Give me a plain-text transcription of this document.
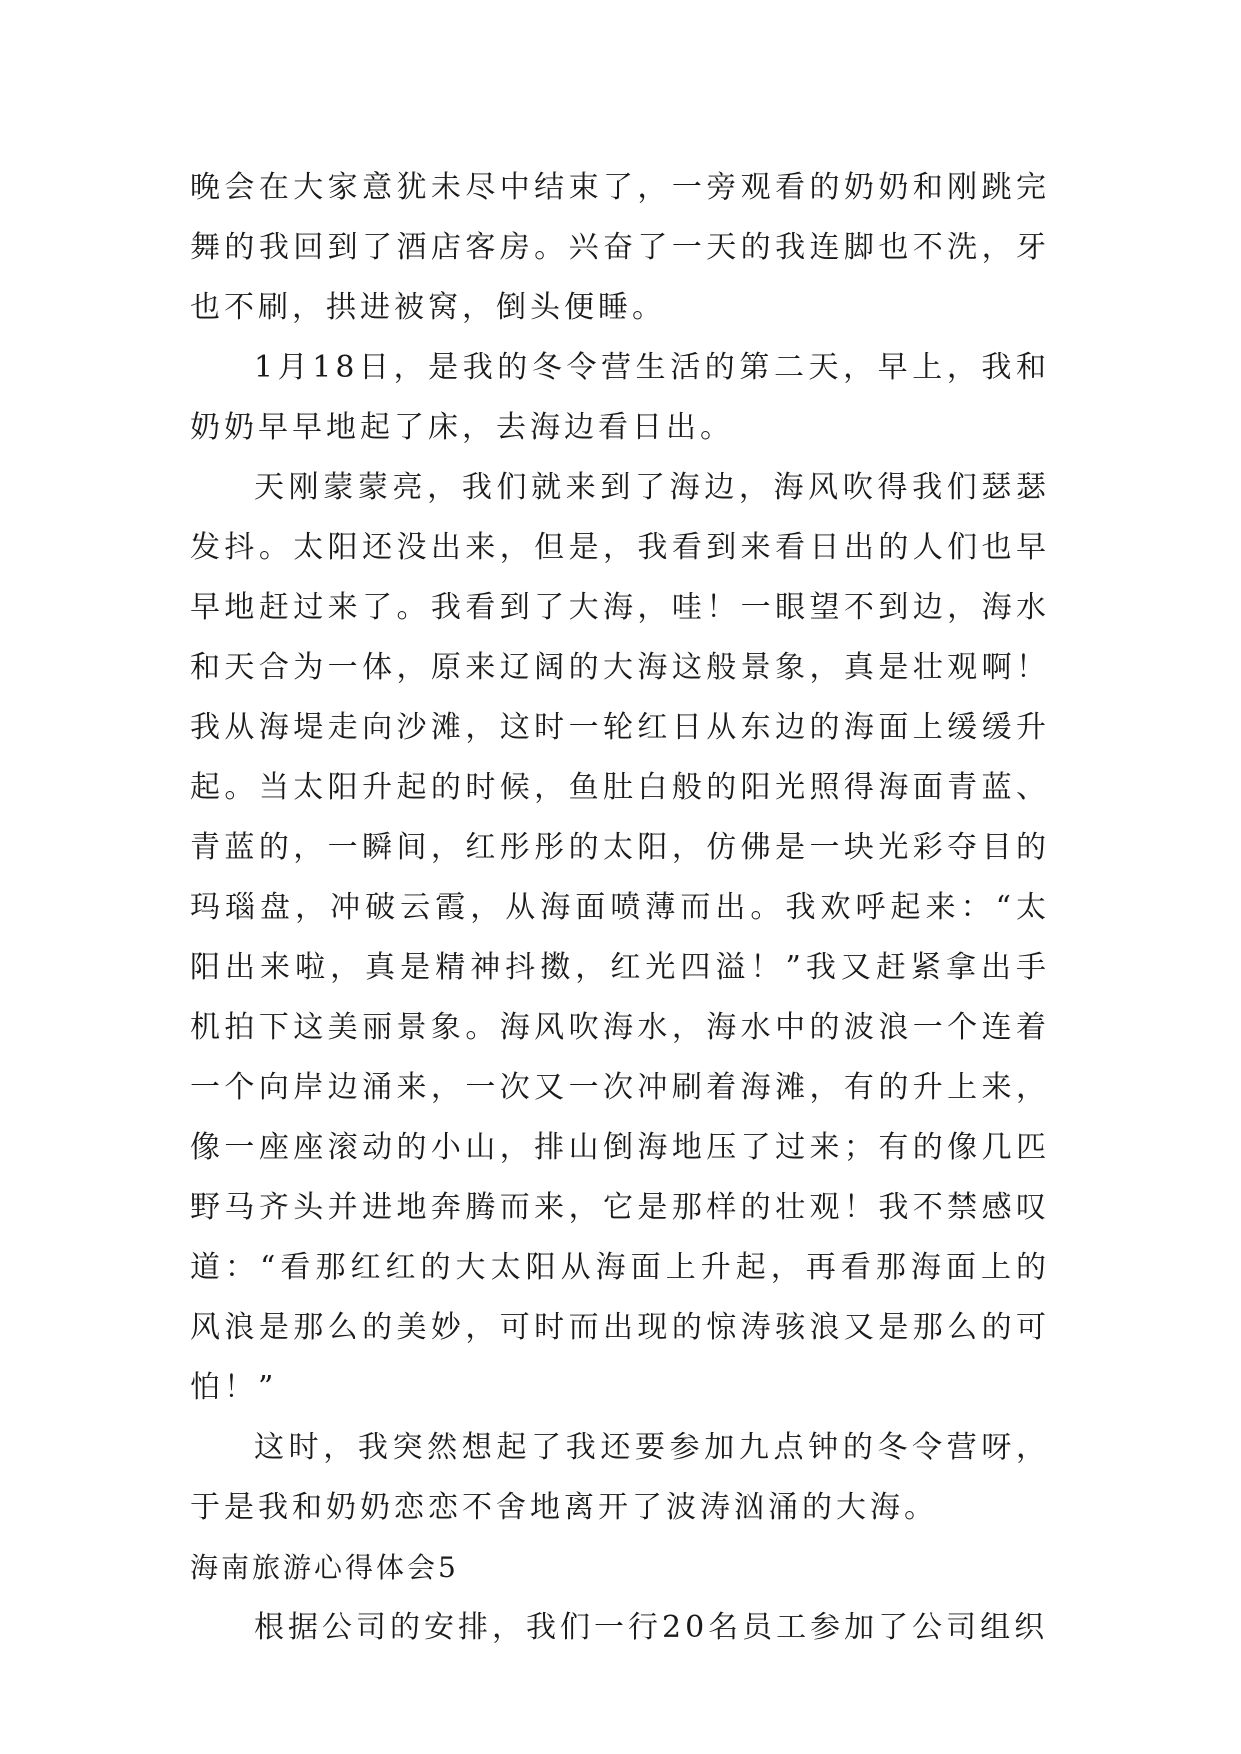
晚会在大家意犹未尽中结束了，一旁观看的奶奶和刚跳完舞的我回到了酒店客房。兴奋了一天的我连脚也不洗，牙也不刷，拱进被窝，倒头便睡。

1月18日，是我的冬令营生活的第二天，早上，我和奶奶早早地起了床，去海边看日出。

天刚蒙蒙亮，我们就来到了海边，海风吹得我们瑟瑟发抖。太阳还没出来，但是，我看到来看日出的人们也早早地赶过来了。我看到了大海，哇！一眼望不到边，海水和天合为一体，原来辽阔的大海这般景象，真是壮观啊！我从海堤走向沙滩，这时一轮红日从东边的海面上缓缓升起。当太阳升起的时候，鱼肚白般的阳光照得海面青蓝、青蓝的，一瞬间，红彤彤的太阳，仿佛是一块光彩夺目的玛瑙盘，冲破云霞，从海面喷薄而出。我欢呼起来：“太阳出来啦，真是精神抖擞，红光四溢！”我又赶紧拿出手机拍下这美丽景象。海风吹海水，海水中的波浪一个连着一个向岸边涌来，一次又一次冲刷着海滩，有的升上来，像一座座滚动的小山，排山倒海地压了过来；有的像几匹野马齐头并进地奔腾而来，它是那样的壮观！我不禁感叹道：“看那红红的大太阳从海面上升起，再看那海面上的风浪是那么的美妙，可时而出现的惊涛骇浪又是那么的可怕！”

这时，我突然想起了我还要参加九点钟的冬令营呀，于是我和奶奶恋恋不舍地离开了波涛汹涌的大海。

海南旅游心得体会5

根据公司的安排，我们一行20名员工参加了公司组织
